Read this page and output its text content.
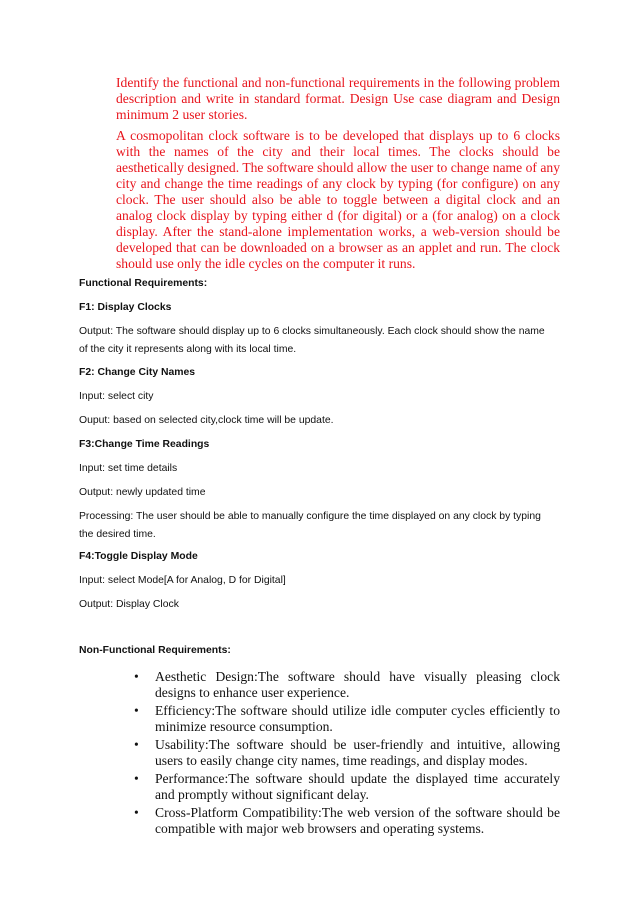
Identify the functional and non-functional requirements in the following problem description and write in standard format. Design Use case diagram and Design minimum 2 user stories.

A cosmopolitan clock software is to be developed that displays up to 6 clocks with the names of the city and their local times. The clocks should be aesthetically designed. The software should allow the user to change name of any city and change the time readings of any clock by typing (for configure) on any clock. The user should also be able to toggle between a digital clock and an analog clock display by typing either d (for digital) or a (for analog) on a clock display. After the stand-alone implementation works, a web-version should be developed that can be downloaded on a browser as an applet and run. The clock should use only the idle cycles on the computer it runs.

Functional Requirements:

F1: Display Clocks

Output: The software should display up to 6 clocks simultaneously. Each clock should show the name

of the city it represents along with its local time.

F2: Change City Names

Input: select city

Ouput: based on selected city,clock time will be update.

F3:Change Time Readings

Input: set time details

Output: newly updated time

Processing: The user should be able to manually configure the time displayed on any clock by typing

the desired time.

F4:Toggle Display Mode

Input: select Mode[A for Analog, D for Digital]

Output: Display Clock

Non-Functional Requirements:

• Aesthetic Design:The software should have visually pleasing clock designs to enhance user experience.
• Efficiency:The software should utilize idle computer cycles efficiently to minimize resource consumption.
• Usability:The software should be user-friendly and intuitive, allowing users to easily change city names, time readings, and display modes.
• Performance:The software should update the displayed time accurately and promptly without significant delay.
• Cross-Platform Compatibility:The web version of the software should be compatible with major web browsers and operating systems.
